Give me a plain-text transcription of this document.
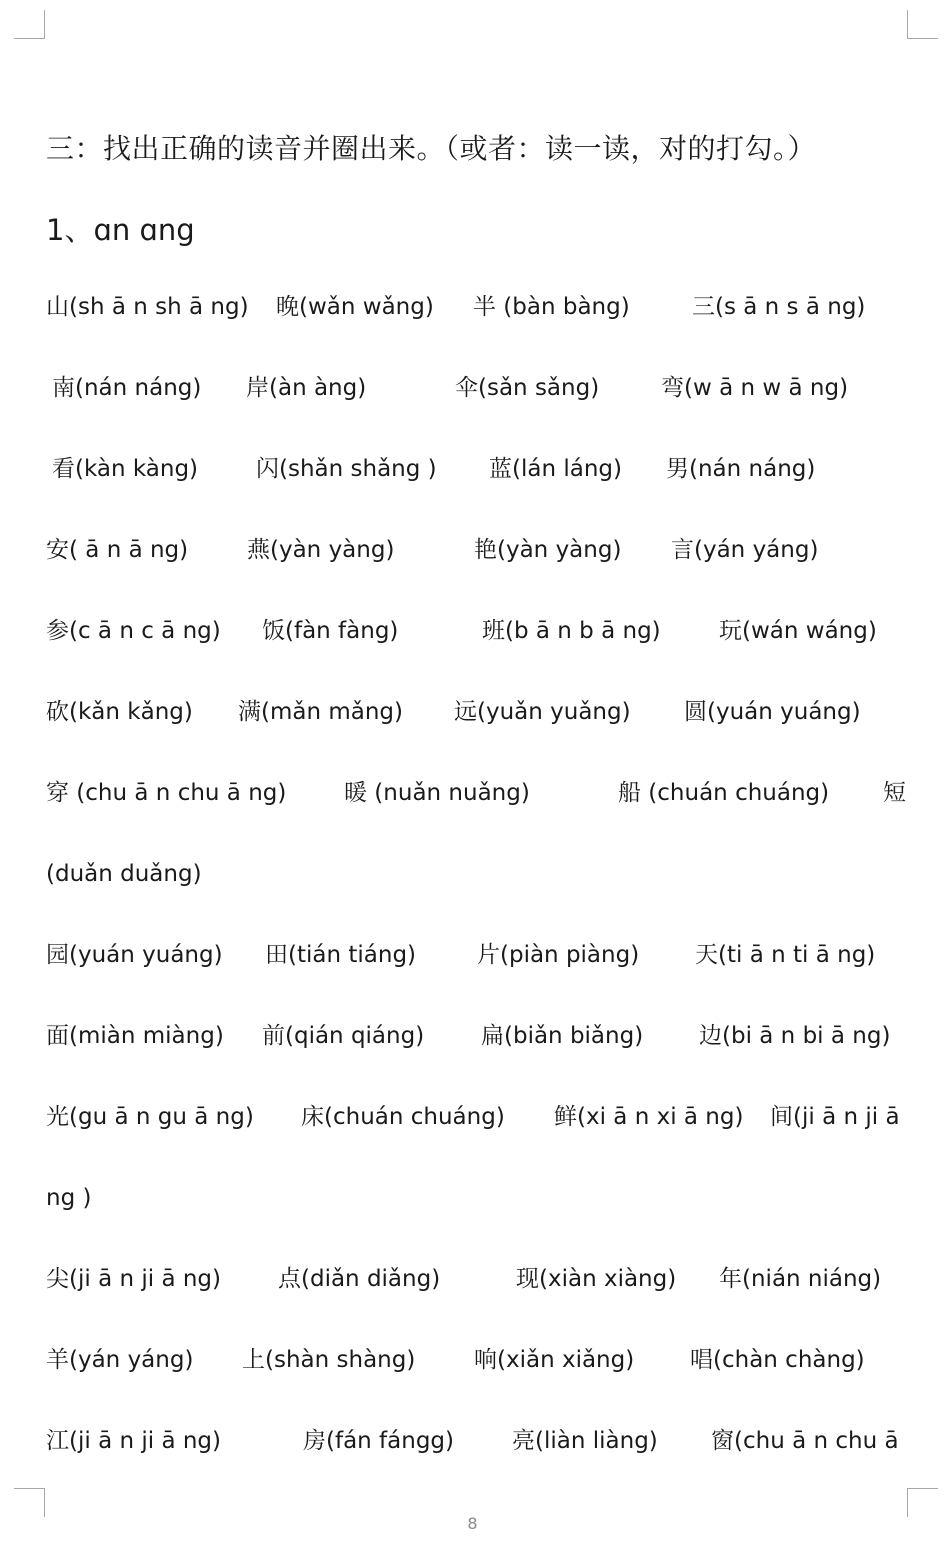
三：找出正确的读音并圈出来。（或者：读一读，对的打勾。）
1、ɑn ɑng
山(sh ā n sh ā ng) 晚(wǎn wǎng) 半 (bàn bàng)	三(s ā n s ā ng)
南(nán náng) 岸(àn àng)	伞(sǎn sǎng)	弯(w ā n w ā ng)
看(kàn kàng)	闪(shǎn shǎng ) 蓝(lán láng) 男(nán náng)
安( ā n ā ng)	燕(yàn yàng)	艳(yàn yàng) 言(yán yáng)
参(c ā n c ā ng) 饭(fàn fàng)	班(b ā n b ā ng)	玩(wán wáng)
砍(kǎn kǎng) 满(mǎn mǎng) 远(yuǎn yuǎng) 圆(yuán yuáng)
穿 (chu ā n chu ā ng)	暖 (nuǎn nuǎng)	船 (chuán chuáng) 短
(duǎn duǎng)
园(yuán yuáng) 田(tián tiáng)	片(piàn piàng) 天(ti ā n ti ā ng)
面(miàn miàng) 前(qián qiáng) 扁(biǎn biǎng) 边(bi ā n bi ā ng)
光(gu ā n gu ā ng) 床(chuán chuáng) 鲜(xi ā n xi ā ng) 间(ji ā n ji ā
ng )
尖(ji ā n ji ā ng) 点(diǎn diǎng)	现(xiàn xiàng) 年(nián niáng)
羊(yán yáng) 上(shàn shàng)	响(xiǎn xiǎng) 唱(chàn chàng)
江(ji ā n ji ā ng)	房(fán fángg)	亮(liàn liàng) 窗(chu ā n chu ā
8
